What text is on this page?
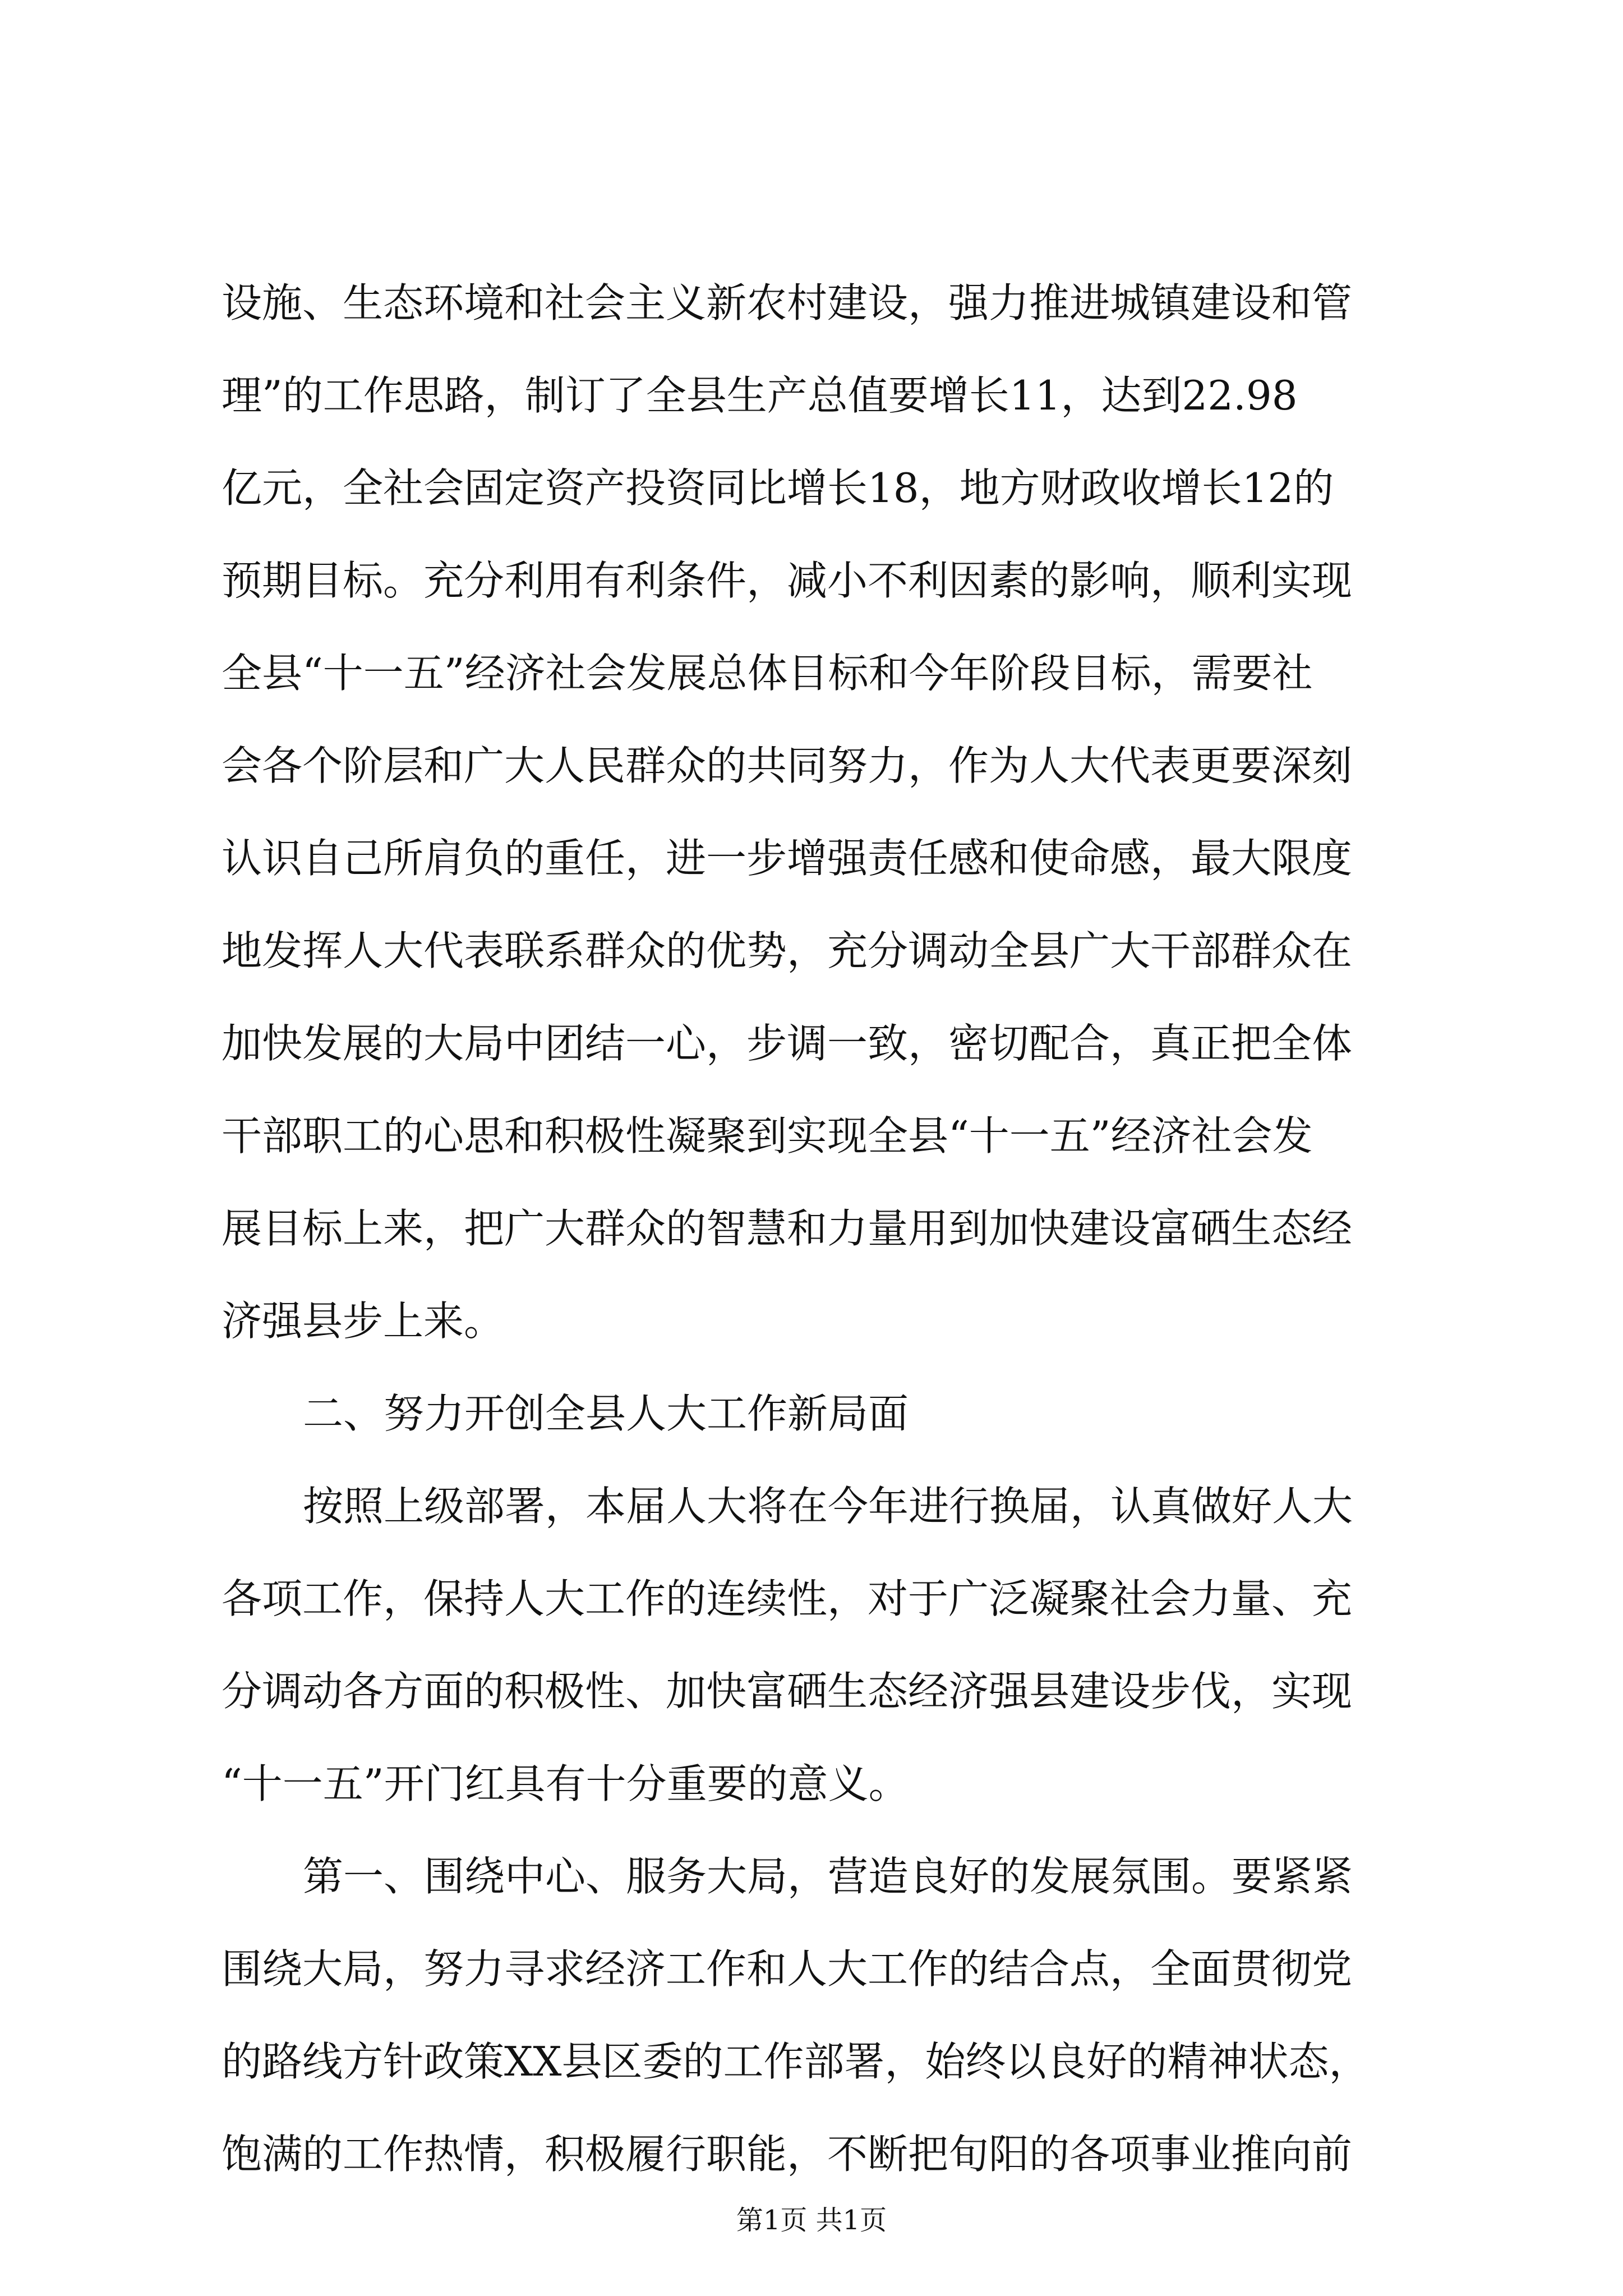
设施、生态环境和社会主义新农村建设，强力推进城镇建设和管
理”的工作思路，制订了全县生产总值要增长11，达到22.98
亿元，全社会固定资产投资同比增长18，地方财政收增长12的
预期目标。充分利用有利条件，减小不利因素的影响，顺利实现
全县“十一五”经济社会发展总体目标和今年阶段目标，需要社
会各个阶层和广大人民群众的共同努力，作为人大代表更要深刻
认识自己所肩负的重任，进一步增强责任感和使命感，最大限度
地发挥人大代表联系群众的优势，充分调动全县广大干部群众在
加快发展的大局中团结一心，步调一致，密切配合，真正把全体
干部职工的心思和积极性凝聚到实现全县“十一五”经济社会发
展目标上来，把广大群众的智慧和力量用到加快建设富硒生态经
济强县步上来。
二、努力开创全县人大工作新局面
按照上级部署，本届人大将在今年进行换届，认真做好人大
各项工作，保持人大工作的连续性，对于广泛凝聚社会力量、充
分调动各方面的积极性、加快富硒生态经济强县建设步伐，实现
“十一五”开门红具有十分重要的意义。
第一、围绕中心、服务大局，营造良好的发展氛围。要紧紧
围绕大局，努力寻求经济工作和人大工作的结合点，全面贯彻党
的路线方针政策XX县区委的工作部署，始终以良好的精神状态，
饱满的工作热情，积极履行职能，不断把旬阳的各项事业推向前
第1页 共1页
